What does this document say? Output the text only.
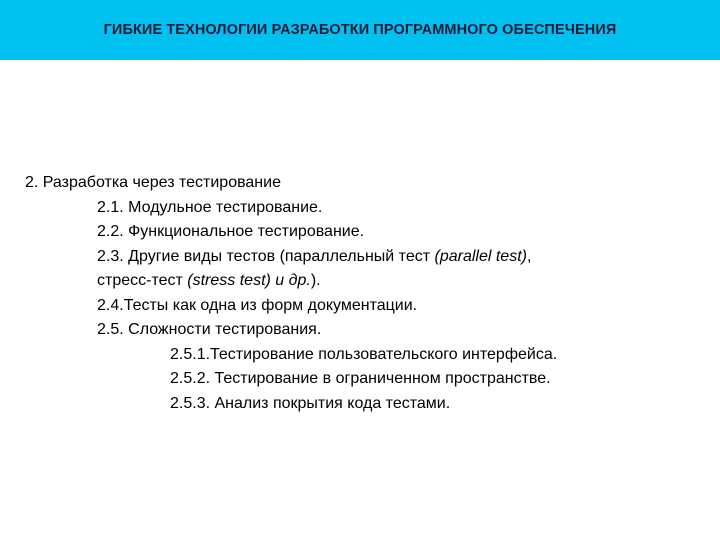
ГИБКИЕ ТЕХНОЛОГИИ РАЗРАБОТКИ ПРОГРАММНОГО ОБЕСПЕЧЕНИЯ
2. Разработка через тестирование
2.1. Модульное тестирование.
2.2. Функциональное тестирование.
2.3. Другие виды тестов (параллельный тест (parallel test),
стресс-тест (stress test) и др.).
2.4.Тесты как одна из форм документации.
2.5. Сложности тестирования.
2.5.1.Тестирование пользовательского интерфейса.
2.5.2. Тестирование в ограниченном пространстве.
2.5.3. Анализ покрытия кода тестами.
